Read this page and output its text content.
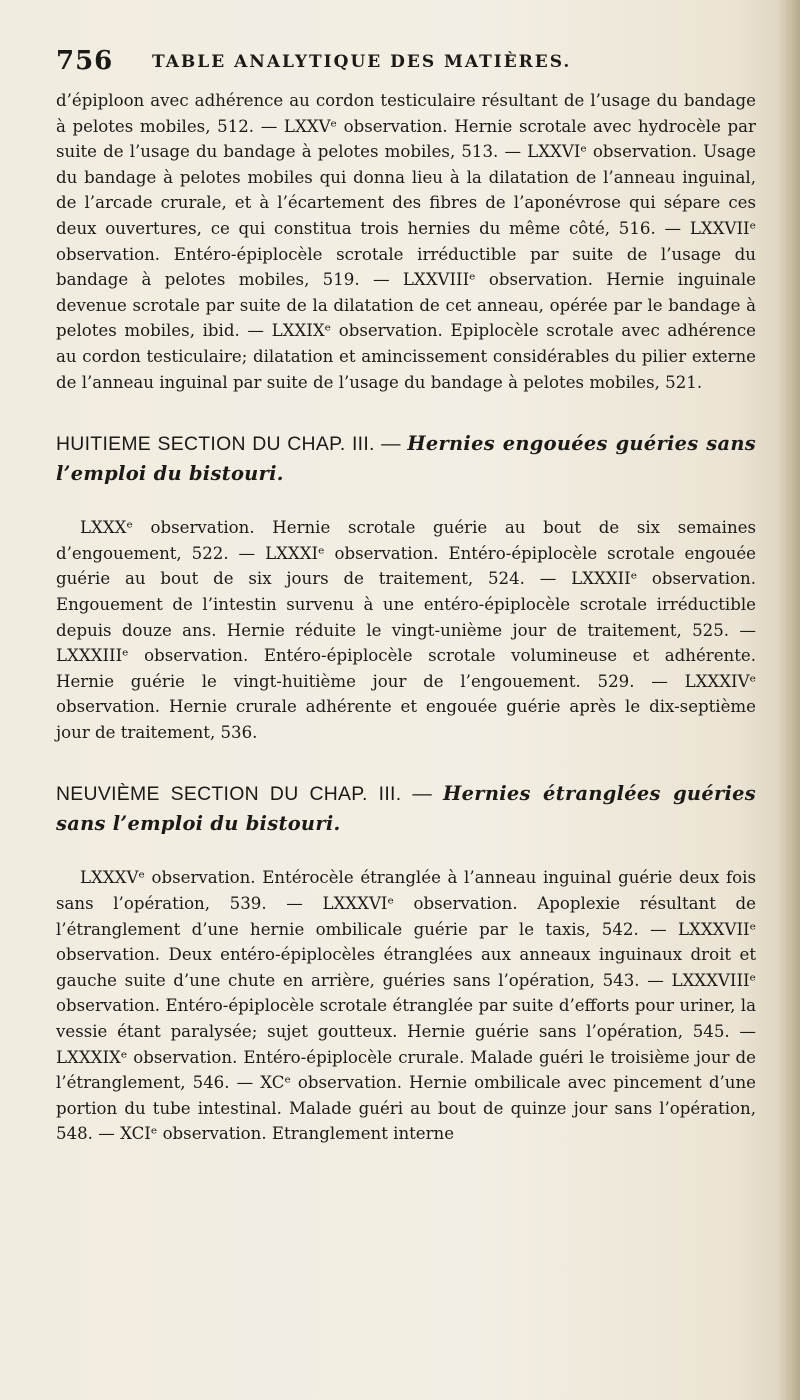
756 TABLE ANALYTIQUE DES MATIÈRES.

d’épiploon avec adhérence au cordon testiculaire résultant de l’usage du bandage à pelotes mobiles, 512. — LXXVᵉ observation. Hernie scrotale avec hydrocèle par suite de l’usage du bandage à pelotes mobiles, 513. — LXXVIᵉ observation. Usage du bandage à pelotes mobiles qui donna lieu à la dilatation de l’anneau inguinal, de l’arcade crurale, et à l’écartement des fibres de l’aponévrose qui sépare ces deux ouvertures, ce qui constitua trois hernies du même côté, 516. — LXXVIIᵉ observation. Entéro-épiplocèle scrotale irréductible par suite de l’usage du bandage à pelotes mobiles, 519. — LXXVIIIᵉ observation. Hernie inguinale devenue scrotale par suite de la dilatation de cet anneau, opérée par le bandage à pelotes mobiles, ibid. — LXXIXᵉ observation. Epiplocèle scrotale avec adhérence au cordon testiculaire; dilatation et amincissement considérables du pilier externe de l’anneau inguinal par suite de l’usage du bandage à pelotes mobiles, 521.

HUITIEME SECTION DU CHAP. III. — Hernies engouées guéries sans l’emploi du bistouri.

LXXXᵉ observation. Hernie scrotale guérie au bout de six semaines d’engouement, 522. — LXXXIᵉ observation. Entéro-épiplocèle scrotale engouée guérie au bout de six jours de traitement, 524. — LXXXIIᵉ observation. Engouement de l’intestin survenu à une entéro-épiplocèle scrotale irréductible depuis douze ans. Hernie réduite le vingt-unième jour de traitement, 525. — LXXXIIIᵉ observation. Entéro-épiplocèle scrotale volumineuse et adhérente. Hernie guérie le vingt-huitième jour de l’engouement. 529. — LXXXIVᵉ observation. Hernie crurale adhérente et engouée guérie après le dix-septième jour de traitement, 536.

NEUVIÈME SECTION DU CHAP. III. — Hernies étranglées guéries sans l’emploi du bistouri.

LXXXVᵉ observation. Entérocèle étranglée à l’anneau inguinal guérie deux fois sans l’opération, 539. — LXXXVIᵉ observation. Apoplexie résultant de l’étranglement d’une hernie ombilicale guérie par le taxis, 542. — LXXXVIIᵉ observation. Deux entéro-épiplocèles étranglées aux anneaux inguinaux droit et gauche suite d’une chute en arrière, guéries sans l’opération, 543. — LXXXVIIIᵉ observation. Entéro-épiplocèle scrotale étranglée par suite d’efforts pour uriner, la vessie étant paralysée; sujet goutteux. Hernie guérie sans l’opération, 545. — LXXXIXᵉ observation. Entéro-épiplocèle crurale. Malade guéri le troisième jour de l’étranglement, 546. — XCᵉ observation. Hernie ombilicale avec pincement d’une portion du tube intestinal. Malade guéri au bout de quinze jour sans l’opération, 548. — XCIᵉ observation. Etranglement interne
